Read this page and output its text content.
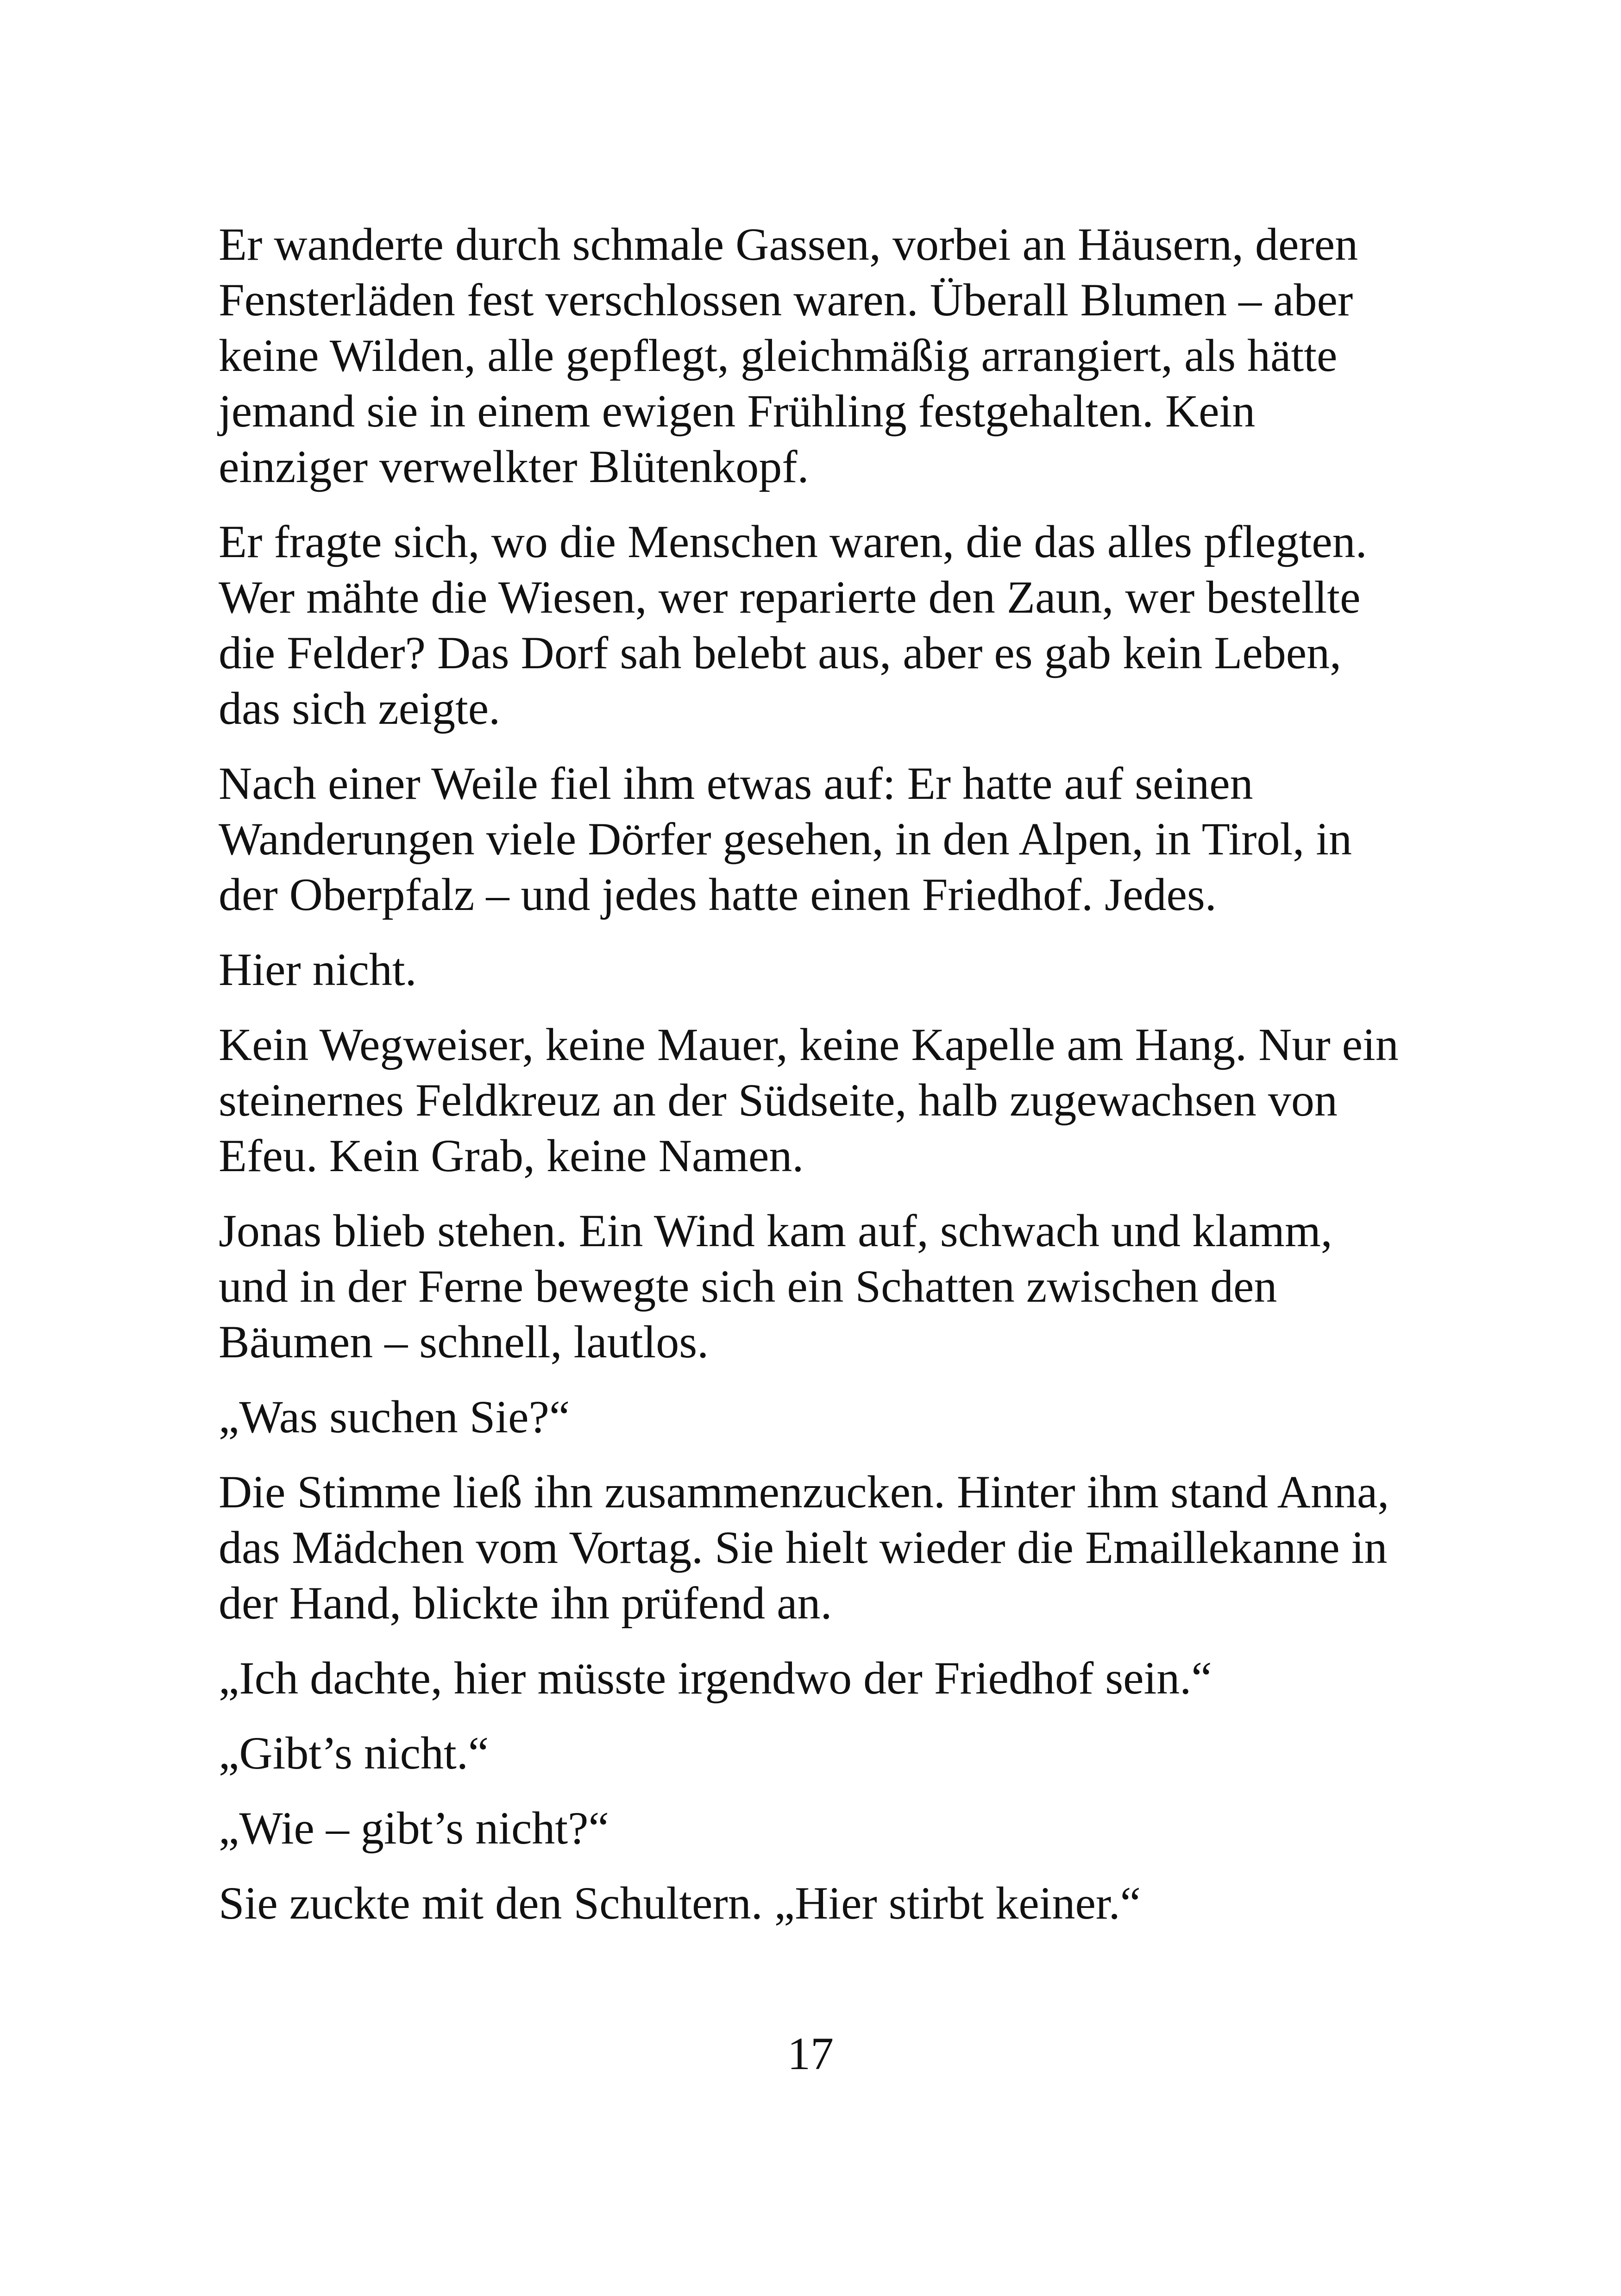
Er wanderte durch schmale Gassen, vorbei an Häusern, deren
Fensterläden fest verschlossen waren. Überall Blumen – aber
keine Wilden, alle gepflegt, gleichmäßig arrangiert, als hätte
jemand sie in einem ewigen Frühling festgehalten. Kein
einziger verwelkter Blütenkopf.

Er fragte sich, wo die Menschen waren, die das alles pflegten.
Wer mähte die Wiesen, wer reparierte den Zaun, wer bestellte
die Felder? Das Dorf sah belebt aus, aber es gab kein Leben,
das sich zeigte.

Nach einer Weile fiel ihm etwas auf: Er hatte auf seinen
Wanderungen viele Dörfer gesehen, in den Alpen, in Tirol, in
der Oberpfalz – und jedes hatte einen Friedhof. Jedes.

Hier nicht.

Kein Wegweiser, keine Mauer, keine Kapelle am Hang. Nur ein
steinernes Feldkreuz an der Südseite, halb zugewachsen von
Efeu. Kein Grab, keine Namen.

Jonas blieb stehen. Ein Wind kam auf, schwach und klamm,
und in der Ferne bewegte sich ein Schatten zwischen den
Bäumen – schnell, lautlos.

„Was suchen Sie?“

Die Stimme ließ ihn zusammenzucken. Hinter ihm stand Anna,
das Mädchen vom Vortag. Sie hielt wieder die Emaillekanne in
der Hand, blickte ihn prüfend an.

„Ich dachte, hier müsste irgendwo der Friedhof sein.“

„Gibt’s nicht.“

„Wie – gibt’s nicht?“

Sie zuckte mit den Schultern. „Hier stirbt keiner.“

17
